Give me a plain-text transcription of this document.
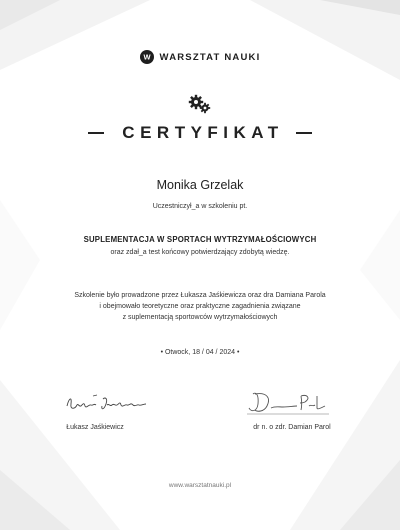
W WARSZTAT NAUKI
CERTYFIKAT
Monika Grzelak
Uczestniczył_a w szkoleniu pt.
SUPLEMENTACJA W SPORTACH WYTRZYMAŁOŚCIOWYCH
oraz zdał_a test końcowy potwierdzający zdobytą wiedzę.
Szkolenie było prowadzone przez Łukasza Jaśkiewicza oraz dra Damiana Parola
i obejmowało teoretyczne oraz praktyczne zagadnienia związane
z suplementacją sportowców wytrzymałościowych
• Otwock, 18 / 04 / 2024 •
Łukasz Jaśkiewicz	dr n. o zdr. Damian Parol
www.warsztatnauki.pl
